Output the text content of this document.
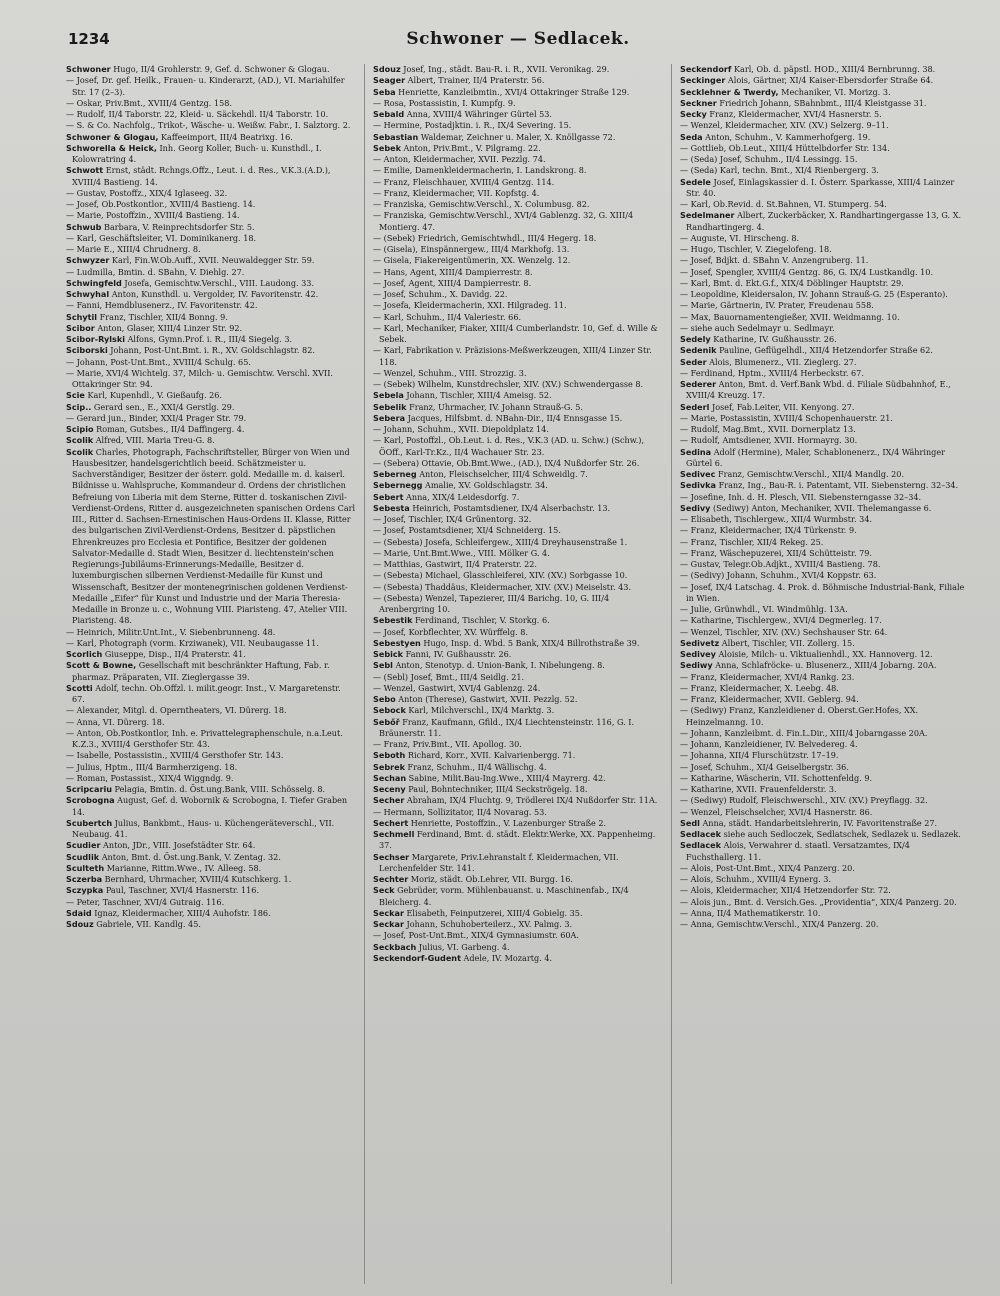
1234	Schwoner — Sedlacek.

Schwoner Hugo, II/4 Grohlerstr. 9, Gef. d. Schwoner & Glogau.

— Josef, Dr. gef. Heilk., Frauen- u. Kinderarzt, (AD.), VI. Mariahilfer Str. 17 (2–3).

— Oskar, Priv.Bmt., XVIII/4 Gentzg. 158.

— Rudolf, II/4 Taborstr. 22, Kleid- u. Säckehdl. II/4 Taborstr. 10.

— S. & Co. Nachfolg., Trikot-, Wäsche- u. Weißw. Fabr., I. Salztorg. 2.

Schwoner & Glogau, Kaffeeimport, III/4 Beatrixg. 16.

Schworella & Heick, Inh. Georg Koller, Buch- u. Kunsthdl., I. Kolowratring 4.

Schwott Ernst, städt. Rchngs.Offz., Leut. i. d. Res., V.K.3.(A.D.), XVIII/4 Bastieng. 14.

— Gustav, Postoffz., XIX/4 Iglaseeg. 32.

— Josef, Ob.Postkontlor., XVIII/4 Bastieng. 14.

— Marie, Postoffzin., XVIII/4 Bastieng. 14.

Schwub Barbara, V. Reinprechtsdorfer Str. 5.

— Karl, Geschäftsleiter, VI. Dominikanerg. 18.

— Marie E., XIII/4 Chrudnerg. 8.

Schwyzer Karl, Fin.W.Ob.Auff., XVII. Neuwaldegger Str. 59.

— Ludmilla, Bmtin. d. SBahn, V. Diehlg. 27.

Schwingfeld Josefa, Gemischtw.Verschl., VIII. Laudong. 33.

Schwyhal Anton, Kunsthdl. u. Vergolder, IV. Favoritenstr. 42.

— Fanni, Hemdblusenerz., IV. Favoritenstr. 42.

Schytil Franz, Tischler, XII/4 Bonng. 9.

Scibor Anton, Glaser, XIII/4 Linzer Str. 92.

Scibor-Rylski Alfons, Gymn.Prof. i. R., III/4 Siegelg. 3.

Sciborski Johann, Post-Unt.Bmt. i. R., XV. Goldschlagstr. 82.

— Johann, Post-Unt.Bmt., XVIII/4 Schulg. 65.

— Marie, XVI/4 Wichtelg. 37, Milch- u. Gemischtw. Verschl. XVII. Ottakringer Str. 94.

Scie Karl, Kupenhdl., V. Gießaufg. 26.

Scip.. Gerard sen., E., XXI/4 Gerstlg. 29.

— Gerard jun., Binder, XXI/4 Prager Str. 79.

Scipio Roman, Gutsbes., II/4 Daffingerg. 4.

Scolik Alfred, VIII. Maria Treu-G. 8.

Scolik Charles, Photograph, Fachschriftsteller, Bürger von Wien und Hausbesitzer, handelsgerichtlich beeid. Schätzmeister u. Sachverständiger, Besitzer der österr. gold. Medaille m. d. kaiserl. Bildnisse u. Wahlspruche, Kommandeur d. Ordens der christlichen Befreiung von Liberia mit dem Sterne, Ritter d. toskanischen Zivil-Verdienst-Ordens, Ritter d. ausgezeichneten spanischen Ordens Carl III., Ritter d. Sachsen-Ernestinischen Haus-Ordens II. Klasse, Ritter des bulgarischen Zivil-Verdienst-Ordens, Besitzer d. päpstlichen Ehrenkreuzes pro Ecclesia et Pontifice, Besitzer der goldenen Salvator-Medaille d. Stadt Wien, Besitzer d. liechtenstein'schen Regierungs-Jubiläums-Erinnerungs-Medaille, Besitzer d. luxemburgischen silbernen Verdienst-Medaille für Kunst und Wissenschaft, Besitzer der montenegrinischen goldenen Verdienst-Medaille „Eifer“ für Kunst und Industrie und der Maria Theresia-Medaille in Bronze u. c., Wohnung VIII. Piaristeng. 47, Atelier VIII. Piaristeng. 48.

— Heinrich, Militr.Unt.Int., V. Siebenbrunneng. 48.

— Karl, Photograph (vorm. Krziwanek), VII. Neubaugasse 11.

Scorlich Giuseppe, Disp., II/4 Praterstr. 41.

Scott & Bowne, Gesellschaft mit beschränkter Haftung, Fab. r. pharmaz. Präparaten, VII. Zieglergasse 39.

Scotti Adolf, techn. Ob.Offzl. i. milit.geogr. Inst., V. Margaretenstr. 67.

— Alexander, Mitgl. d. Operntheaters, VI. Dürerg. 18.

— Anna, VI. Dürerg. 18.

— Anton, Ob.Postkontlor, Inh. e. Privattelegraphenschule, n.a.Leut. K.Z.3., XVIII/4 Gersthofer Str. 43.

— Isabelle, Postassistin., XVIII/4 Gersthofer Str. 143.

— Julius, Hptm., III/4 Barmherzigeng. 18.

— Roman, Postassist., XIX/4 Wiggndg. 9.

Scripcariu Pelagia, Bmtin. d. Öst.ung.Bank, VIII. Schösselg. 8.

Scrobogna August, Gef. d. Wobornik & Scrobogna, I. Tiefer Graben 14.

Scubertch Julius, Bankbmt., Haus- u. Küchengeräteverschl., VII. Neubaug. 41.

Scudier Anton, JDr., VIII. Josefstädter Str. 64.

Scudlik Anton, Bmt. d. Öst.ung.Bank, V. Zentag. 32.

Sculteth Marianne, Rittm.Wwe., IV. Alleeg. 58.

Sczerba Bernhard, Uhrmacher, XVIII/4 Kutschkerg. 1.

Sczypka Paul, Taschner, XVI/4 Hasnerstr. 116.

— Peter, Taschner, XVI/4 Gutraig. 116.

Sdaid Ignaz, Kleidermacher, XIII/4 Auhofstr. 186.

Sdouz Gabriele, VII. Kandlg. 45.

Sdouz Josef, Ing., städt. Bau-R. i. R., XVII. Veronikag. 29.

Seager Albert, Trainer, II/4 Praterstr. 56.

Seba Henriette, Kanzleibmtin., XVI/4 Ottakringer Straße 129.

— Rosa, Postassistin, I. Kumpfg. 9.

Sebald Anna, XVIII/4 Währinger Gürtel 53.

— Hermine, Postadjktin. i. R., IX/4 Severing. 15.

Sebastian Waldemar, Zeichner u. Maler, X. Knöllgasse 72.

Sebek Anton, Priv.Bmt., V. Pilgramg. 22.

— Anton, Kleidermacher, XVII. Pezzlg. 74.

— Emilie, Damenkleidermacherin, I. Landskrong. 8.

— Franz, Fleischhauer, XVIII/4 Gentzg. 114.

— Franz, Kleidermacher, VII. Kopfstg. 4.

— Franziska, Gemischtw.Verschl., X. Columbusg. 82.

— Franziska, Gemischtw.Verschl., XVI/4 Gablenzg. 32, G. XIII/4 Montierg. 47.

— (Sebek) Friedrich, Gemischtwhdl., III/4 Hegerg. 18.

— (Gisela), Einspännergew., III/4 Markhofg. 13.

— Gisela, Fiakereigentümerin, XX. Wenzelg. 12.

— Hans, Agent, XIII/4 Dampierrestr. 8.

— Josef, Agent, XIII/4 Dampierrestr. 8.

— Josef, Schuhm., X. Davidg. 22.

— Josefa, Kleidermacherin, XXI. Hilgradeg. 11.

— Karl, Schuhm., II/4 Valeriestr. 66.

— Karl, Mechaniker, Fiaker, XIII/4 Cumberlandstr. 10, Gef. d. Wille & Sebek.

— Karl, Fabrikation v. Präzisions-Meßwerkzeugen, XIII/4 Linzer Str. 118.

— Wenzel, Schuhm., VIII. Strozzig. 3.

— (Sebek) Wilhelm, Kunstdrechsler, XIV. (XV.) Schwendergasse 8.

Sebela Johann, Tischler, XIII/4 Ameisg. 52.

Sebelik Franz, Uhrmacher, IV. Johann Strauß-G. 5.

Sebera Jacques, Hilfsbmt. d. NBahn-Dir., II/4 Ennsgasse 15.

— Johann, Schuhm., XVII. Diepoldplatz 14.

— Karl, Postoffzl., Ob.Leut. i. d. Res., V.K.3 (AD. u. Schw.) (Schw.), ÖOff., Karl-Tr.Kz., II/4 Wachauer Str. 23.

— (Sebera) Ottavie, Ob.Bmt.Wwe., (AD.), IX/4 Nußdorfer Str. 26.

Seberneg Anton, Fleischselcher, III/4 Schweidlg. 7.

Sebernegg Amalie, XV. Goldschlagstr. 34.

Sebert Anna, XIX/4 Leidesdorfg. 7.

Sebesta Heinrich, Postamtsdiener, IX/4 Alserbachstr. 13.

— Josef, Tischler, IX/4 Grünentorg. 32.

— Josef, Postamtsdiener, XI/4 Schneiderg. 15.

— (Sebesta) Josefa, Schleifergew., XIII/4 Dreyhausenstraße 1.

— Marie, Unt.Bmt.Wwe., VIII. Mölker G. 4.

— Matthias, Gastwirt, II/4 Praterstr. 22.

— (Sebesta) Michael, Glasschleiferei, XIV. (XV.) Sorbgasse 10.

— (Sebesta) Thaddäus, Kleidermacher, XIV. (XV.) Meiselstr. 43.

— (Sebesta) Wenzel, Tapezierer, III/4 Barichg. 10, G. III/4 Arenbergring 10.

Sebestik Ferdinand, Tischler, V. Storkg. 6.

— Josef, Korbflechter, XV. Würffelg. 8.

Sebestyen Hugo, Insp. d. Wbd. 5 Bank, XIX/4 Billrothstraße 39.

Sebick Fanni, IV. Gußhausstr. 26.

Sebl Anton, Stenotyp. d. Union-Bank, I. Nibelungeng. 8.

— (Sebl) Josef, Bmt., III/4 Seidlg. 21.

— Wenzel, Gastwirt, XVI/4 Gablenzg. 24.

Sebo Anton (Therese), Gastwirt, XVII. Pezzlg. 52.

Sebock Karl, Milchverschl., IX/4 Marktg. 3.

Sebőř Franz, Kaufmann, Gfild., IX/4 Liechtensteinstr. 116, G. I. Bräunerstr. 11.

— Franz, Priv.Bmt., VII. Apollog. 30.

Seboth Richard, Korr., XVII. Kalvarienbergg. 71.

Sebrek Franz, Schuhm., II/4 Wällischg. 4.

Sechan Sabine, Milit.Bau-Ing.Wwe., XIII/4 Mayrerg. 42.

Seceny Paul, Bohntechniker, III/4 Seckströgelg. 18.

Secher Abraham, IX/4 Fluchtg. 9, Trödlerei IX/4 Nußdorfer Str. 11A.

— Hermann, Sollizitator, II/4 Novarag. 53.

Sechert Henriette, Postoffzin., V. Lazenburger Straße 2.

Sechmell Ferdinand, Bmt. d. städt. Elektr.Werke, XX. Pappenheimg. 37.

Sechser Margarete, Priv.Lehranstalt f. Kleidermachen, VII. Lerchenfelder Str. 141.

Sechter Moriz, städt. Ob.Lehrer, VII. Burgg. 16.

Seck Gebrüder, vorm. Mühlenbauanst. u. Maschinenfab., IX/4 Bleicherg. 4.

Seckar Elisabeth, Feinputzerei, XIII/4 Gobielg. 35.

Seckar Johann, Schuhoberteilerz., XV. Palmg. 3.

— Josef, Post-Unt.Bmt., XIX/4 Gymnasiumstr. 60A.

Seckbach Julius, VI. Garbeng. 4.

Seckendorf-Gudent Adele, IV. Mozartg. 4.

Seckendorf Karl, Ob. d. päpstl. HOD., XIII/4 Bernbrunng. 38.

Seckinger Alois, Gärtner, XI/4 Kaiser-Ebersdorfer Straße 64.

Secklehner & Twerdy, Mechaniker, VI. Morizg. 3.

Seckner Friedrich Johann, SBahnbmt., III/4 Kleistgasse 31.

Secky Franz, Kleidermacher, XVI/4 Hasnerstr. 5.

— Wenzel, Kleidermacher, XIV. (XV.) Selzerg. 9–11.

Seda Anton, Schuhm., V. Kammerhofgerg. 19.

— Gottlieb, Ob.Leut., XIII/4 Hüttelbdorfer Str. 134.

— (Seda) Josef, Schuhm., II/4 Lessingg. 15.

— (Seda) Karl, techn. Bmt., XI/4 Rienbergerg. 3.

Sedele Josef, Einlagskassier d. I. Österr. Sparkasse, XIII/4 Lainzer Str. 40.

— Karl, Ob.Revid. d. St.Bahnen, VI. Stumperg. 54.

Sedelmaner Albert, Zuckerbäcker, X. Randhartingergasse 13, G. X. Randhartingerg. 4.

— Auguste, VI. Hirscheng. 8.

— Hugo, Tischler, V. Ziegelofeng. 18.

— Josef, Bdjkt. d. SBahn V. Anzengruberg. 11.

— Josef, Spengler, XVIII/4 Gentzg. 86, G. IX/4 Lustkandlg. 10.

— Karl, Bmt. d. Ekt.G.f., XIX/4 Döblinger Hauptstr. 29.

— Leopoldine, Kleidersalon, IV. Johann Strauß-G. 25 (Esperanto).

— Marie, Gärtnerin, IV. Prater, Freudenau 558.

— Max, Bauornamentengießer, XVII. Weidmanng. 10.

— siehe auch Sedelmayr u. Sedlmayr.

Sedely Katharine, IV. Gußhausstr. 26.

Sedenik Pauline, Geflügelhdl., XII/4 Hetzendorfer Straße 62.

Seder Alois, Blumenerz., VII. Zieglerg. 27.

— Ferdinand, Hptm., XVIII/4 Herbeckstr. 67.

Sederer Anton, Bmt. d. Verf.Bank Wbd. d. Filiale Südbahnhof, E., XVIII/4 Kreuzg. 17.

Sederl Josef, Fab.Leiter, VII. Kenyong. 27.

— Marie, Postassistin, XVIII/4 Schopenhauerstr. 21.

— Rudolf, Mag.Bmt., XVII. Dornerplatz 13.

— Rudolf, Amtsdiener, XVII. Hormayrg. 30.

Sedina Adolf (Hermine), Maler, Schablonenerz., IX/4 Währinger Gürtel 6.

Sedivec Franz, Gemischtw.Verschl., XII/4 Mandlg. 20.

Sedivka Franz, Ing., Bau-R. i. Patentamt, VII. Siebensterng. 32–34.

— Josefine, Inh. d. H. Plesch, VII. Siebensterngasse 32–34.

Sedivy (Sediwy) Anton, Mechaniker, XVII. Thelemangasse 6.

— Elisabeth, Tischlergew., XII/4 Wurmbstr. 34.

— Franz, Kleidermacher, IX/4 Türkenstr. 9.

— Franz, Tischler, XII/4 Rekeg. 25.

— Franz, Wäschepuzerei, XII/4 Schütteistr. 79.

— Gustav, Telegr.Ob.Adjkt., XVIII/4 Bastieng. 78.

— (Sedivy) Johann, Schuhm., XVI/4 Koppstr. 63.

— Josef, IX/4 Latschag. 4. Prok. d. Böhmische Industrial-Bank, Filiale in Wien.

— Julie, Grünwhdl., VI. Windmühlg. 13A.

— Katharine, Tischlergew., XVI/4 Degmerleg. 17.

— Wenzel, Tischler, XIV. (XV.) Sechshauser Str. 64.

Sedivetz Albert, Tischler, VII. Zollerg. 15.

Sedivey Aloisie, Milch- u. Viktualienhdl., XX. Hannoverg. 12.

Sediwy Anna, Schlafröcke- u. Blusenerz., XIII/4 Jobarng. 20A.

— Franz, Kleidermacher, XVI/4 Rankg. 23.

— Franz, Kleidermacher, X. Leebg. 48.

— Franz, Kleidermacher, XVII. Geblerg. 94.

— (Sediwy) Franz, Kanzleidiener d. Oberst.Ger.Hofes, XX. Heinzelmanng. 10.

— Johann, Kanzleibmt. d. Fin.L.Dir., XIII/4 Jobarngasse 20A.

— Johann, Kanzleidiener, IV. Belvedereg. 4.

— Johanna, XII/4 Flurschützstr. 17–19.

— Josef, Schuhm., XI/4 Geiselbergstr. 36.

— Katharine, Wäscherin, VII. Schottenfeldg. 9.

— Katharine, XVII. Frauenfelderstr. 3.

— (Sediwy) Rudolf, Fleischwerschl., XIV. (XV.) Preyflagg. 32.

— Wenzel, Fleischselcher, XVI/4 Hasnerstr. 86.

Sedl Anna, städt. Handarbeitslehrerin, IV. Favoritenstraße 27.

Sedlacek siehe auch Sedloczek, Sedlatschek, Sedlazek u. Sedlazek.

Sedlacek Alois, Verwahrer d. staatl. Versatzamtes, IX/4 Fuchsthallerg. 11.

— Alois, Post-Unt.Bmt., XIX/4 Panzerg. 20.

— Alois, Schuhm., XVIII/4 Eynerg. 3.

— Alois, Kleidermacher, XII/4 Hetzendorfer Str. 72.

— Alois jun., Bmt. d. Versich.Ges. „Providentia“, XIX/4 Panzerg. 20.

— Anna, II/4 Mathematikerstr. 10.

— Anna, Gemischtw.Verschl., XIX/4 Panzerg. 20.
